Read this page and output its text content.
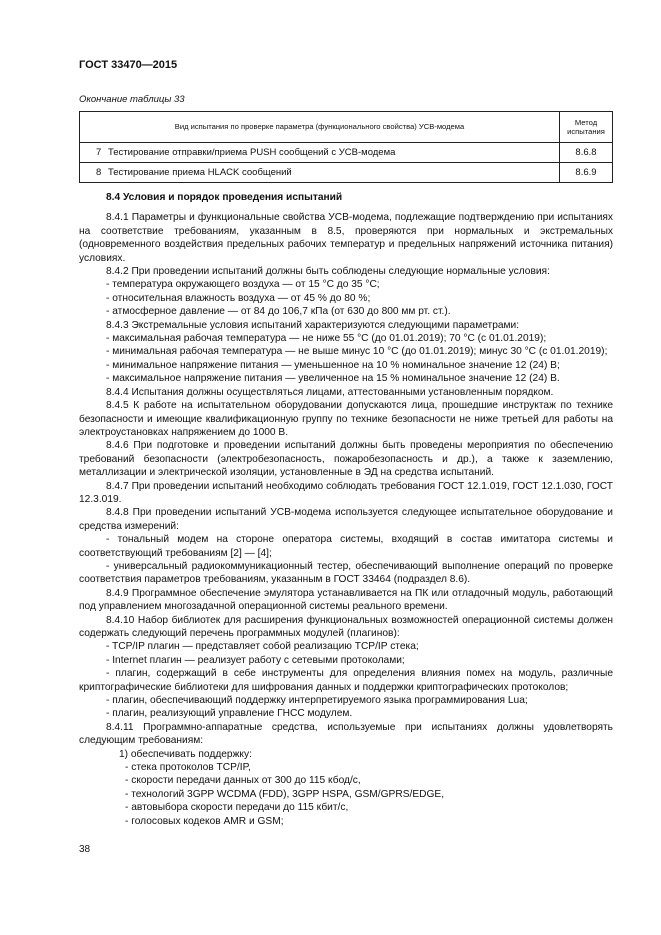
ГОСТ 33470—2015
Окончание таблицы 33
Вид испытания по проверке параметра (функционального свойства) УСВ-модема	Метод
испытания
7 Тестирование отправки/приема PUSH сообщений с УСВ-модема	8.6.8
8 Тестирование приема HLACK сообщений	8.6.9

8.4 Условия и порядок проведения испытаний

8.4.1 Параметры и функциональные свойства УСВ-модема, подлежащие подтверждению при испытаниях на соответствие требованиям, указанным в 8.5, проверяются при нормальных и экстремальных (одновременного воздействия предельных рабочих температур и предельных напряжений источника питания) условиях.

8.4.2 При проведении испытаний должны быть соблюдены следующие нормальные условия:

- температура окружающего воздуха — от 15 °С до 35 °С;

- относительная влажность воздуха — от 45 % до 80 %;

- атмосферное давление — от 84 до 106,7 кПа (от 630 до 800 мм рт. ст.).

8.4.3 Экстремальные условия испытаний характеризуются следующими параметрами:

- максимальная рабочая температура — не ниже 55 °С (до 01.01.2019); 70 °С (с 01.01.2019);

- минимальная рабочая температура — не выше минус 10 °С (до 01.01.2019); минус 30 °С (с 01.01.2019);

- минимальное напряжение питания — уменьшенное на 10 % номинальное значение 12 (24) В;

- максимальное напряжение питания — увеличенное на 15 % номинальное значение 12 (24) В.

8.4.4 Испытания должны осуществляться лицами, аттестованными установленным порядком.

8.4.5 К работе на испытательном оборудовании допускаются лица, прошедшие инструктаж по технике безопасности и имеющие квалификационную группу по технике безопасности не ниже третьей для работы на электроустановках напряжением до 1000 В.

8.4.6 При подготовке и проведении испытаний должны быть проведены мероприятия по обеспечению требований безопасности (электробезопасность, пожаробезопасность и др.), а также к заземлению, металлизации и электрической изоляции, установленные в ЭД на средства испытаний.

8.4.7 При проведении испытаний необходимо соблюдать требования ГОСТ 12.1.019, ГОСТ 12.1.030, ГОСТ 12.3.019.

8.4.8 При проведении испытаний УСВ-модема используется следующее испытательное оборудование и средства измерений:

- тональный модем на стороне оператора системы, входящий в состав имитатора системы и соответствующий требованиям [2] — [4];

- универсальный радиокоммуникационный тестер, обеспечивающий выполнение операций по проверке соответствия параметров требованиям, указанным в ГОСТ 33464 (подраздел 8.6).

8.4.9 Программное обеспечение эмулятора устанавливается на ПК или отладочный модуль, работающий под управлением многозадачной операционной системы реального времени.

8.4.10 Набор библиотек для расширения функциональных возможностей операционной системы должен содержать следующий перечень программных модулей (плагинов):

- TCP/IP плагин — представляет собой реализацию TCP/IP стека;

- Internet плагин — реализует работу с сетевыми протоколами;

- плагин, содержащий в себе инструменты для определения влияния помех на модуль, различные криптографические библиотеки для шифрования данных и поддержки криптографических протоколов;

- плагин, обеспечивающий поддержку интерпретируемого языка программирования Lua;

- плагин, реализующий управление ГНСС модулем.

8.4.11 Программно-аппаратные средства, используемые при испытаниях должны удовлетворять следующим требованиям:

1) обеспечивать поддержку:

- стека протоколов TCP/IP,

- скорости передачи данных от 300 до 115 кбод/с,

- технологий 3GPP WCDMA (FDD), 3GPP HSPA, GSM/GPRS/EDGE,

- автовыбора скорости передачи до 115 кбит/с,

- голосовых кодеков AMR и GSM;

38
